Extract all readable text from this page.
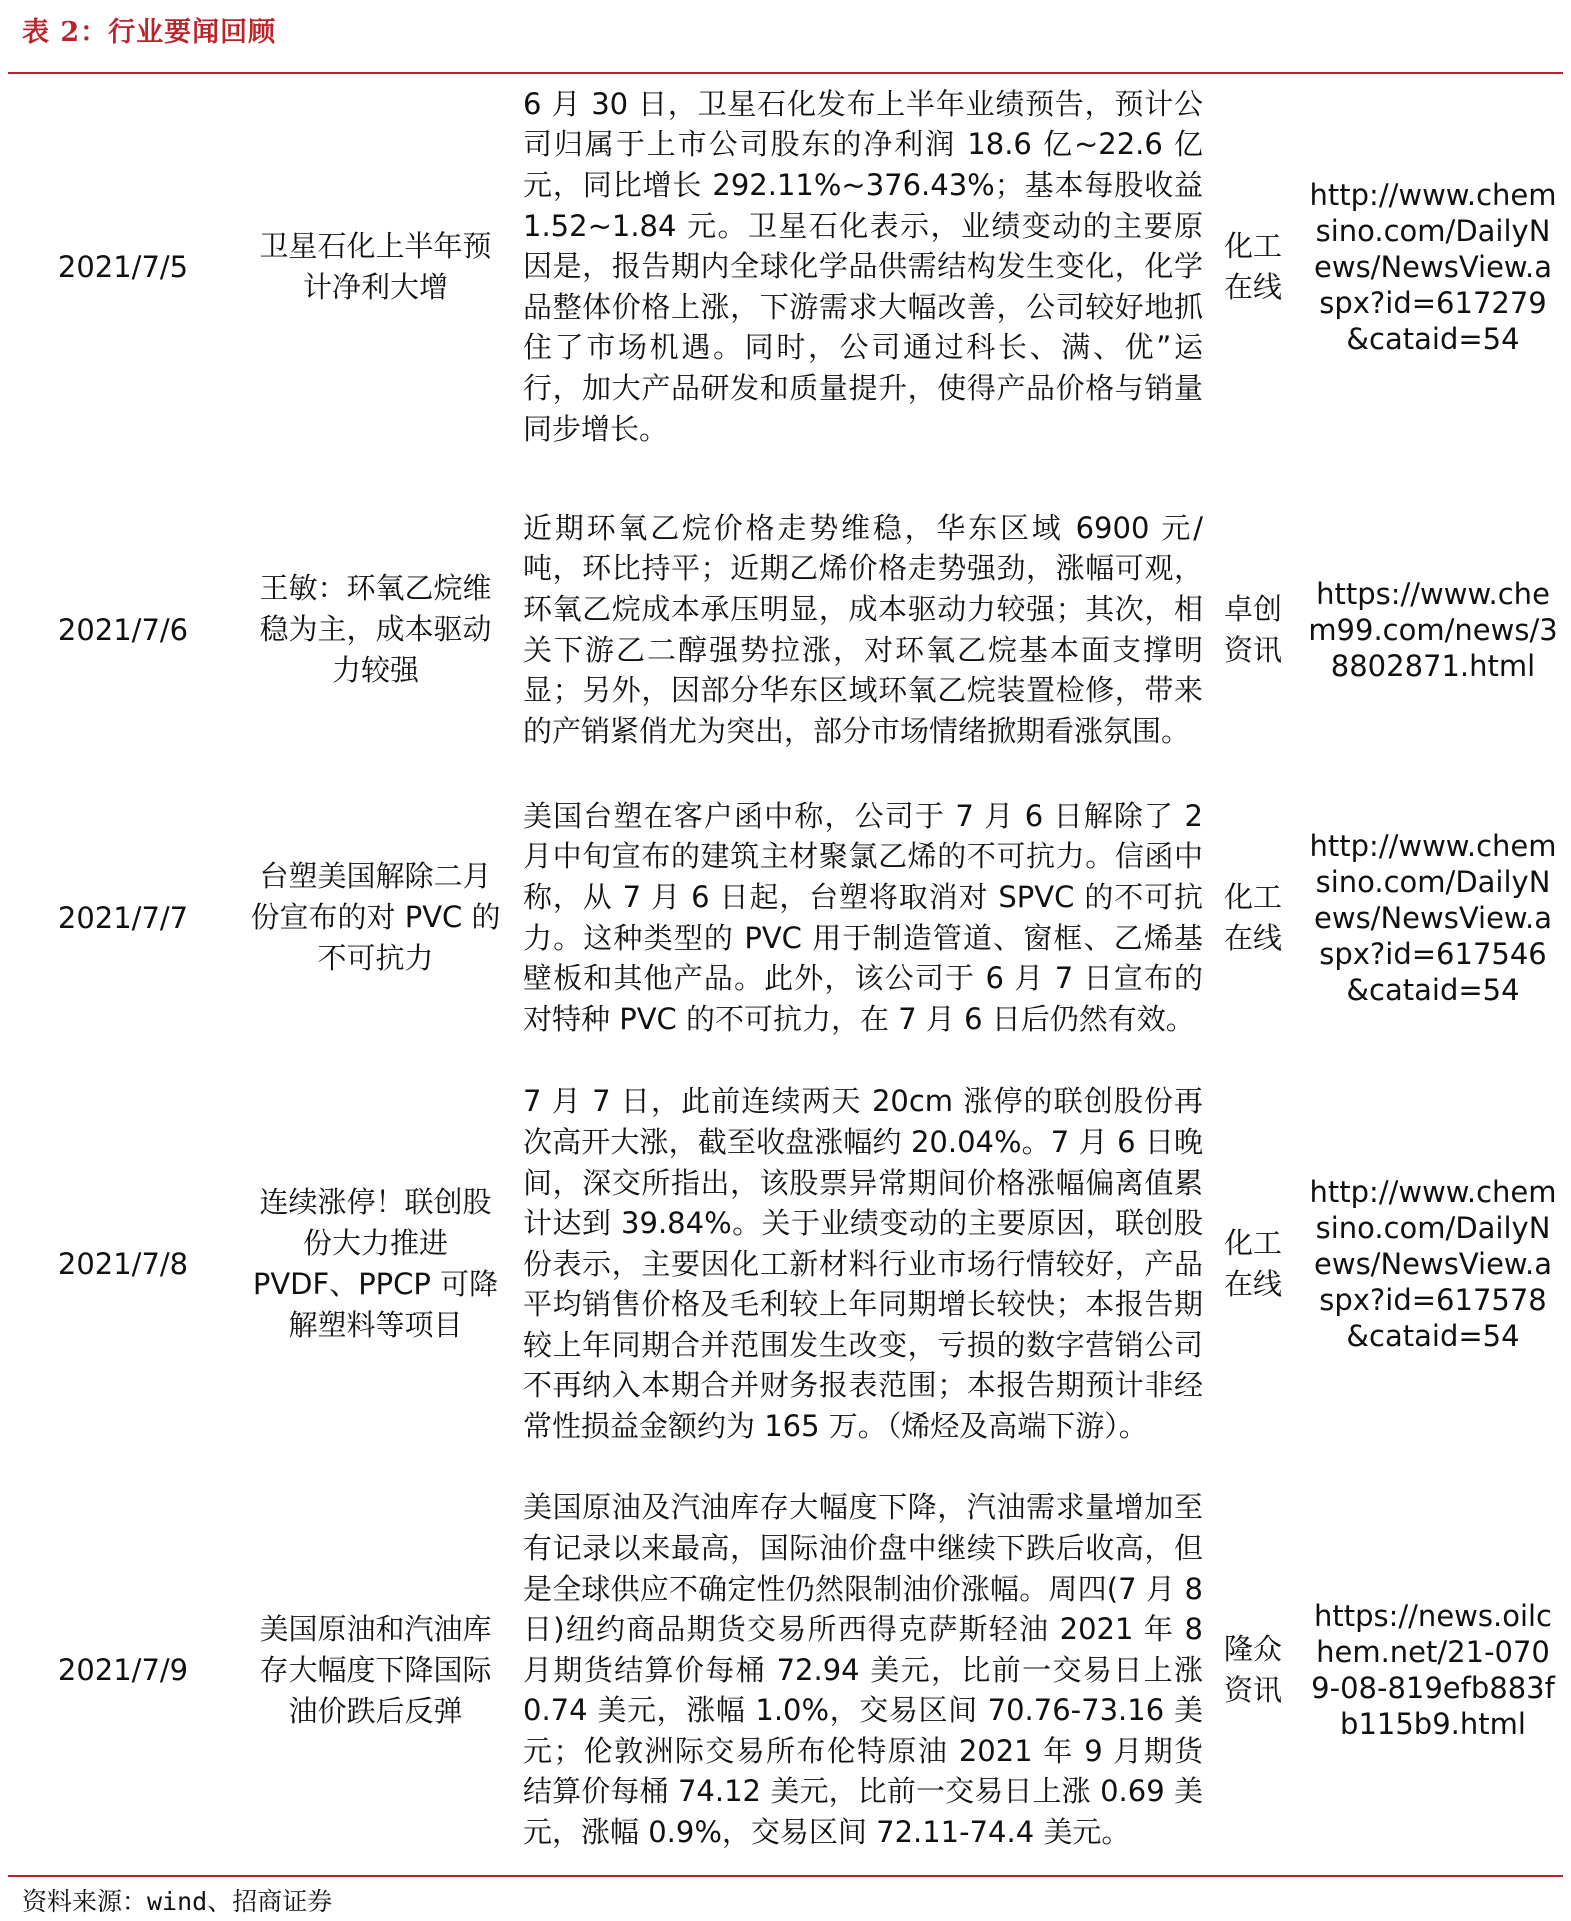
表 2：行业要闻回顾
2021/7/5
卫星石化上半年预计净利大增
6 月 30 日，卫星石化发布上半年业绩预告，预计公司归属于上市公司股东的净利润 18.6 亿~22.6 亿元，同比增长 292.11%~376.43%；基本每股收益 1.52~1.84 元。卫星石化表示，业绩变动的主要原因是，报告期内全球化学品供需结构发生变化，化学品整体价格上涨，下游需求大幅改善，公司较好地抓住了市场机遇。同时，公司通过科长、满、优”运行，加大产品研发和质量提升，使得产品价格与销量同步增长。
化工在线
http://www.chemsino.com/DailyNews/NewsView.aspx?id=617279&cataid=54
2021/7/6
王敏：环氧乙烷维稳为主，成本驱动力较强
近期环氧乙烷价格走势维稳，华东区域 6900 元/吨，环比持平；近期乙烯价格走势强劲，涨幅可观，环氧乙烷成本承压明显，成本驱动力较强；其次，相关下游乙二醇强势拉涨，对环氧乙烷基本面支撑明显；另外，因部分华东区域环氧乙烷装置检修，带来的产销紧俏尤为突出，部分市场情绪掀期看涨氛围。
卓创资讯
https://www.chem99.com/news/38802871.html
2021/7/7
台塑美国解除二月份宣布的对 PVC 的不可抗力
美国台塑在客户函中称，公司于 7 月 6 日解除了 2 月中旬宣布的建筑主材聚氯乙烯的不可抗力。信函中称，从 7 月 6 日起，台塑将取消对 SPVC 的不可抗力。这种类型的 PVC 用于制造管道、窗框、乙烯基壁板和其他产品。此外，该公司于 6 月 7 日宣布的对特种 PVC 的不可抗力，在 7 月 6 日后仍然有效。
化工在线
http://www.chemsino.com/DailyNews/NewsView.aspx?id=617546&cataid=54
2021/7/8
连续涨停！联创股份大力推进 PVDF、PPCP 可降解塑料等项目
7 月 7 日，此前连续两天 20cm 涨停的联创股份再次高开大涨，截至收盘涨幅约 20.04%。7 月 6 日晚间，深交所指出，该股票异常期间价格涨幅偏离值累计达到 39.84%。关于业绩变动的主要原因，联创股份表示，主要因化工新材料行业市场行情较好，产品平均销售价格及毛利较上年同期增长较快；本报告期较上年同期合并范围发生改变，亏损的数字营销公司不再纳入本期合并财务报表范围；本报告期预计非经常性损益金额约为 165 万。（烯烃及高端下游）。
化工在线
http://www.chemsino.com/DailyNews/NewsView.aspx?id=617578&cataid=54
2021/7/9
美国原油和汽油库存大幅度下降国际油价跌后反弹
美国原油及汽油库存大幅度下降，汽油需求量增加至有记录以来最高，国际油价盘中继续下跌后收高，但是全球供应不确定性仍然限制油价涨幅。周四(7 月 8 日)纽约商品期货交易所西得克萨斯轻油 2021 年 8 月期货结算价每桶 72.94 美元，比前一交易日上涨 0.74 美元，涨幅 1.0%，交易区间 70.76-73.16 美元；伦敦洲际交易所布伦特原油 2021 年 9 月期货结算价每桶 74.12 美元，比前一交易日上涨 0.69 美元，涨幅 0.9%，交易区间 72.11-74.4 美元。
隆众资讯
https://news.oilchem.net/21-0709-08-819efb883fb115b9.html
资料来源：wind、招商证券
